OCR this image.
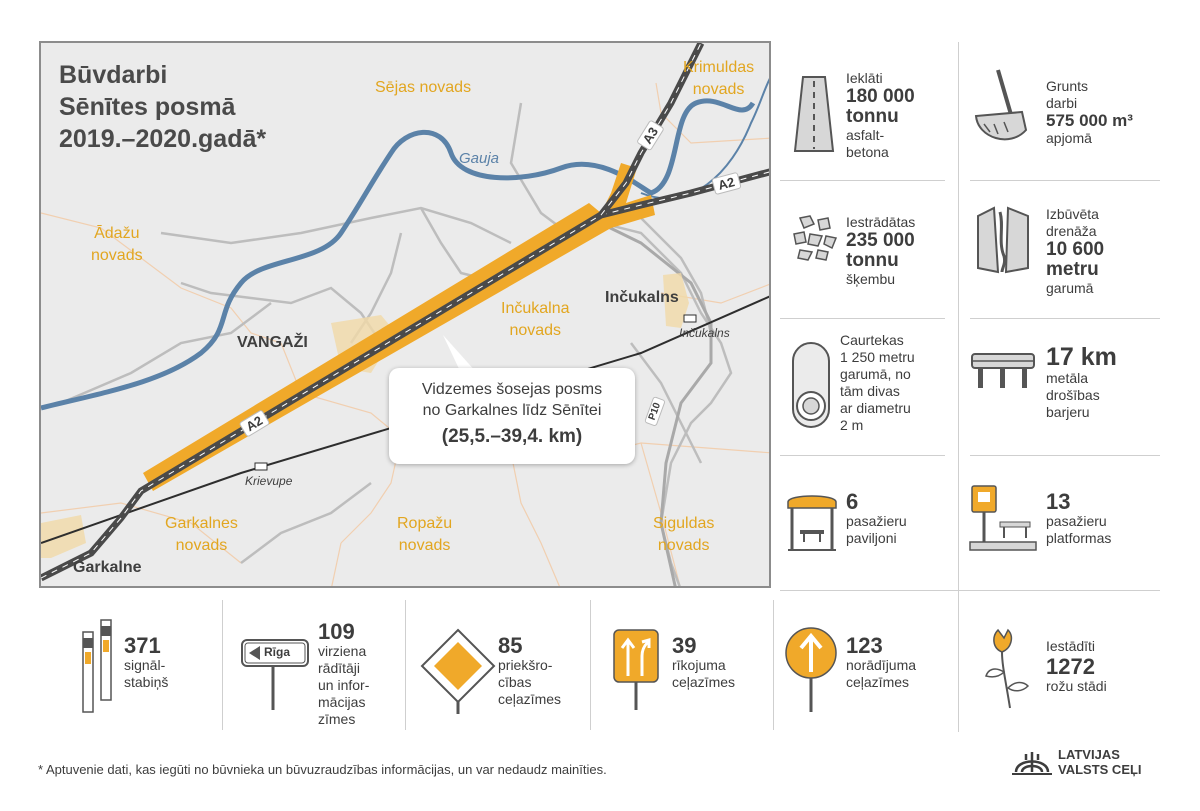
Būvdarbi
Sēnītes posmā
2019.–2020.gadā*
Sējas novads
Krimuldas
novads
Ādažu
novads
Inčukalna
novads
Garkalnes
novads
Ropažu
novads
Siguldas
novads
VANGAŽI
Inčukalns
Garkalne
Inčukalns
Krievupe
Gauja
A2
A2
A3
P10
Vidzemes šosejas posms
no Garkalnes līdz Sēnītei
(25,5.–39,4. km)
Ieklāti
180 000
tonnu
asfalt-
betona
Grunts
darbi
575 000 m³
apjomā
Iestrādātas
235 000
tonnu
šķembu
Izbūvēta
drenāža
10 600
metru
garumā
Caurtekas
1 250 metru
garumā, no
tām divas
ar diametru
2 m
17 km
metāla
drošības
barjeru
6
pasažieru
paviljoni
13
pasažieru
platformas
371
signāl-
stabiņš
Rīga
109
virziena
rādītāji
un infor-
mācijas
zīmes
85
priekšro-
cības
ceļazīmes
39
rīkojuma
ceļazīmes
123
norādījuma
ceļazīmes
Iestādīti
1272
rožu stādi
* Aptuvenie dati, kas iegūti no būvnieka un būvuzraudzības informācijas, un var nedaudz mainīties.
LATVIJAS
VALSTS CEĻI
